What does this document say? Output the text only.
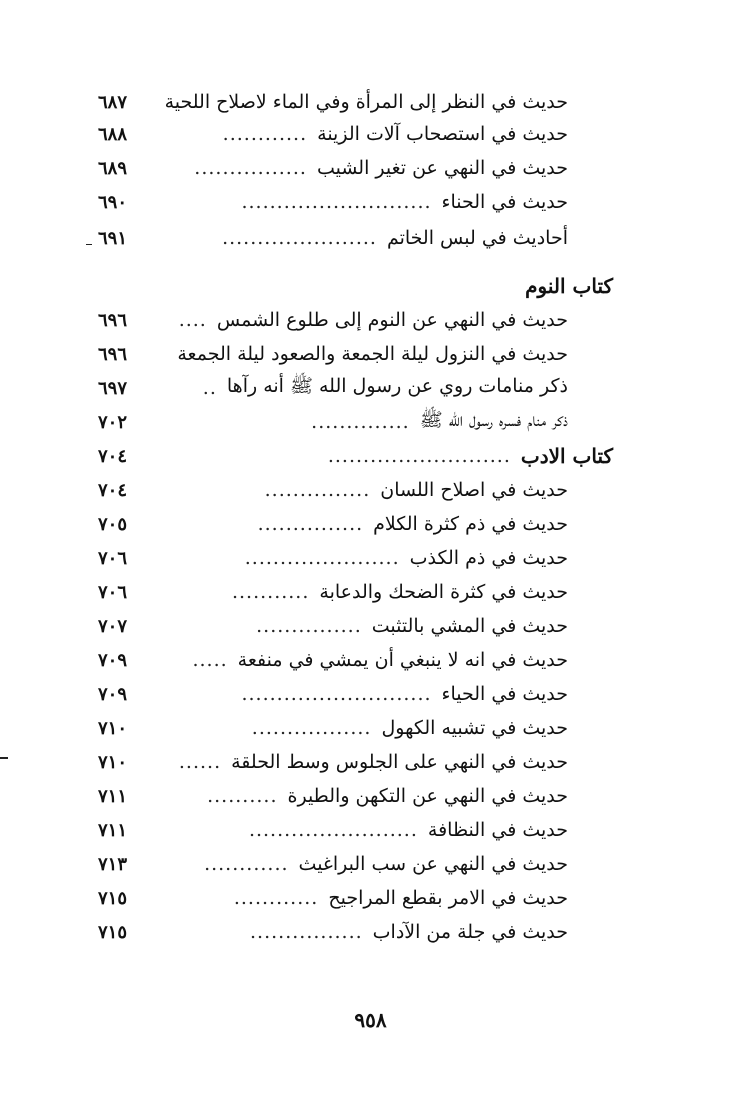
حديث في النظر إلى المرأة وفي الماء لاصلاح اللحية
٦٨٧
حديث في استصحاب آلات الزينة
............
٦٨٨
حديث في النهي عن تغير الشيب
................
٦٨٩
حديث في الحناء
...........................
٦٩٠
أحاديث في لبس الخاتم
......................
٦٩١
كتاب النوم
حديث في النهي عن النوم إلى طلوع الشمس
....
٦٩٦
حديث في النزول ليلة الجمعة والصعود ليلة الجمعة
٦٩٦
ذكر منامات روي عن رسول الله ﷺ أنه رآها
..
٦٩٧
ذكر منام فسره رسول الله ﷺ
..............
٧٠٢
كتاب الادب
..........................
٧٠٤
حديث في اصلاح اللسان
...............
٧٠٤
حديث في ذم كثرة الكلام
...............
٧٠٥
حديث في ذم الكذب
......................
٧٠٦
حديث في كثرة الضحك والدعابة
...........
٧٠٦
حديث في المشي بالتثبت
...............
٧٠٧
حديث في انه لا ينبغي أن يمشي في منفعة
.....
٧٠٩
حديث في الحياء
...........................
٧٠٩
حديث في تشبيه الكهول
.................
٧١٠
حديث في النهي على الجلوس وسط الحلقة
......
٧١٠
حديث في النهي عن التكهن والطيرة
..........
٧١١
حديث في النظافة
........................
٧١١
حديث في النهي عن سب البراغيث
............
٧١٣
حديث في الامر بقطع المراجيح
............
٧١٥
حديث في جلة من الآداب
................
٧١٥
٩٥٨
